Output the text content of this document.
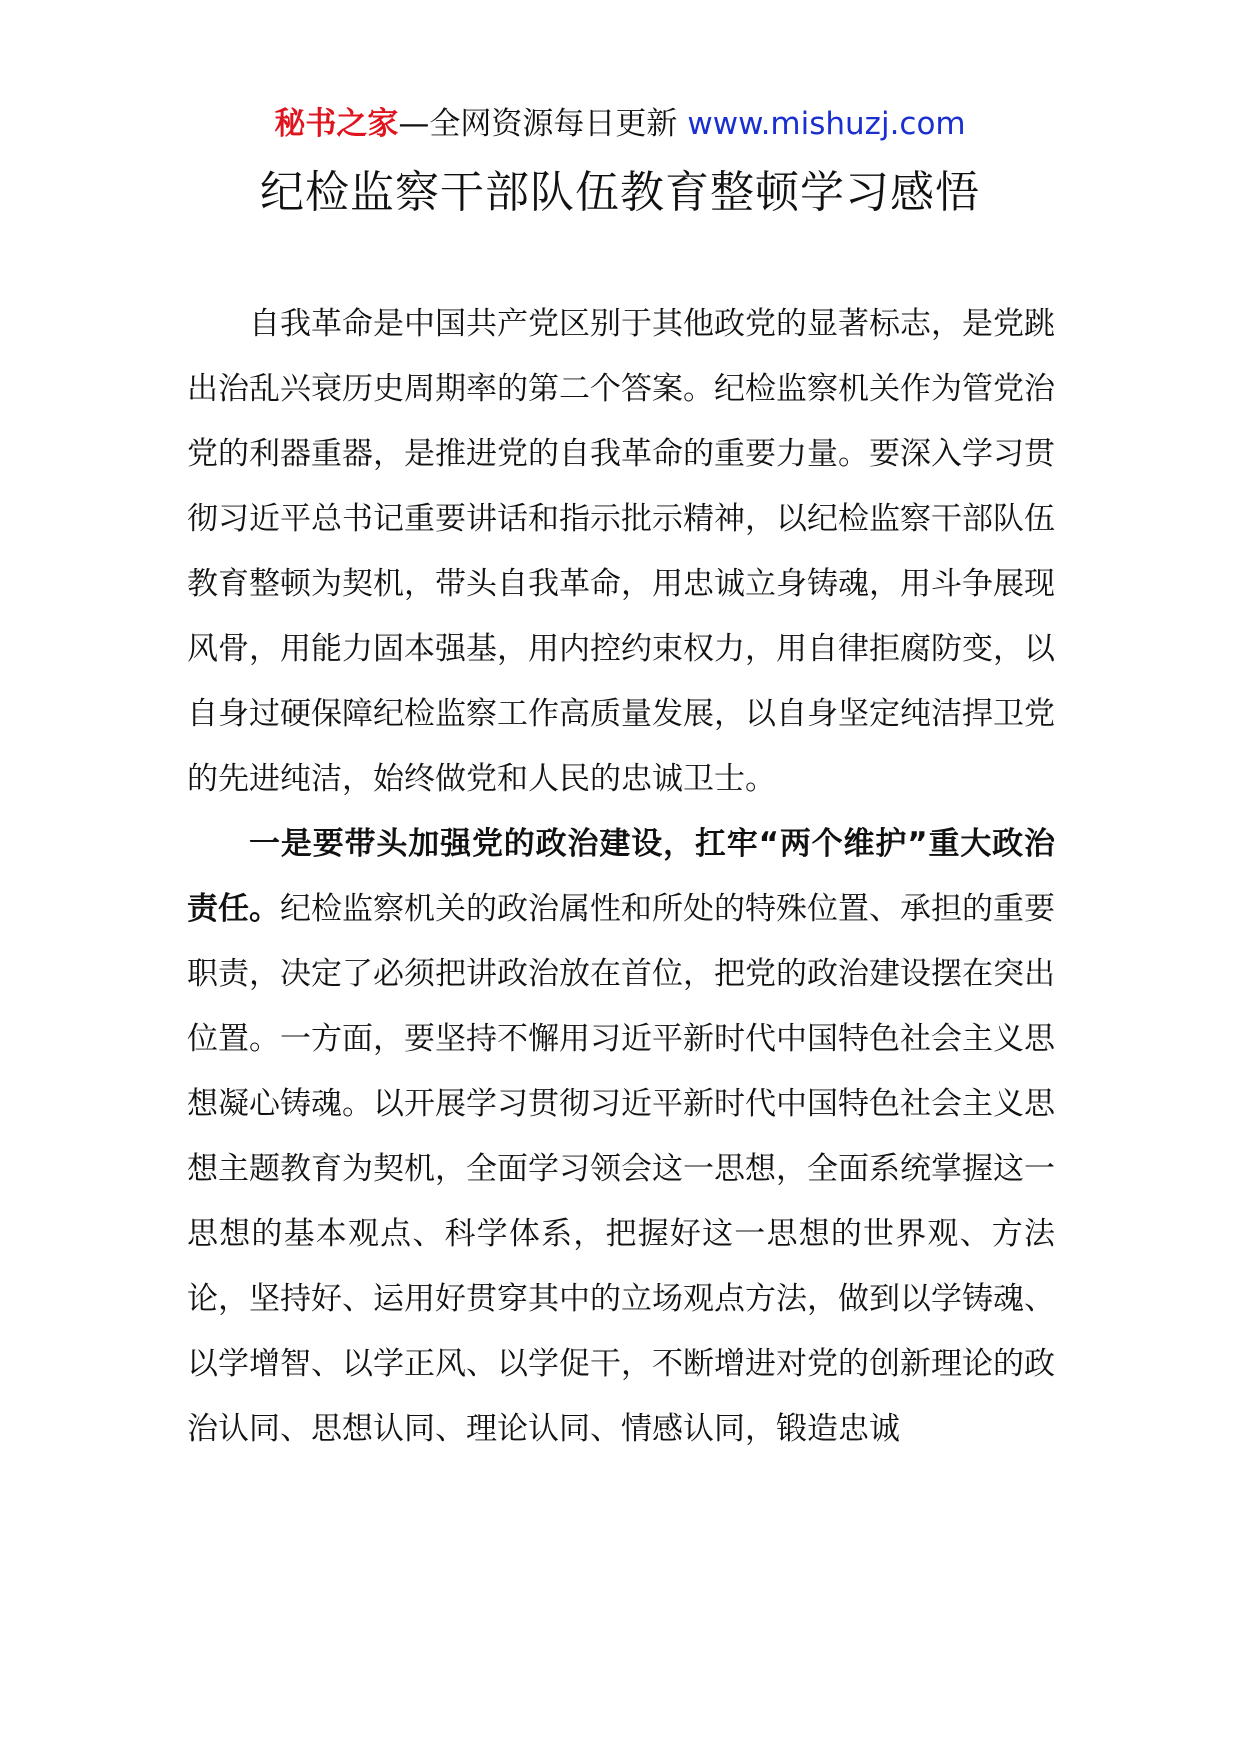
秘书之家—全网资源每日更新 www.mishuzj.com
纪检监察干部队伍教育整顿学习感悟

自我革命是中国共产党区别于其他政党的显著标志，是党跳出治乱兴衰历史周期率的第二个答案。纪检监察机关作为管党治党的利器重器，是推进党的自我革命的重要力量。要深入学习贯彻习近平总书记重要讲话和指示批示精神，以纪检监察干部队伍教育整顿为契机，带头自我革命，用忠诚立身铸魂，用斗争展现风骨，用能力固本强基，用内控约束权力，用自律拒腐防变，以自身过硬保障纪检监察工作高质量发展，以自身坚定纯洁捍卫党的先进纯洁，始终做党和人民的忠诚卫士。

一是要带头加强党的政治建设，扛牢“两个维护”重大政治责任。纪检监察机关的政治属性和所处的特殊位置、承担的重要职责，决定了必须把讲政治放在首位，把党的政治建设摆在突出位置。一方面，要坚持不懈用习近平新时代中国特色社会主义思想凝心铸魂。以开展学习贯彻习近平新时代中国特色社会主义思想主题教育为契机，全面学习领会这一思想，全面系统掌握这一思想的基本观点、科学体系，把握好这一思想的世界观、方法论，坚持好、运用好贯穿其中的立场观点方法，做到以学铸魂、以学增智、以学正风、以学促干，不断增进对党的创新理论的政治认同、思想认同、理论认同、情感认同，锻造忠诚
